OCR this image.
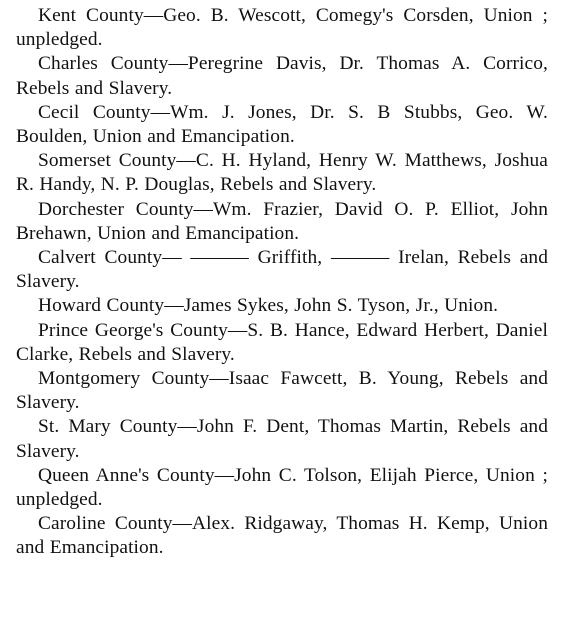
Kent County—Geo. B. Wescott, Comegy's Corsden, Union ; unpledged.

Charles County—Peregrine Davis, Dr. Thomas A. Corrico, Rebels and Slavery.

Cecil County—Wm. J. Jones, Dr. S. B Stubbs, Geo. W. Boulden, Union and Emancipation.

Somerset County—C. H. Hyland, Henry W. Matthews, Joshua R. Handy, N. P. Douglas, Rebels and Slavery.

Dorchester County—Wm. Frazier, David O. P. Elliot, John Brehawn, Union and Emancipation.

Calvert County— ——— Griffith, ——— Irelan, Rebels and Slavery.

Howard County—James Sykes, John S. Tyson, Jr., Union.

Prince George's County—S. B. Hance, Edward Herbert, Daniel Clarke, Rebels and Slavery.

Montgomery County—Isaac Fawcett, B. Young, Rebels and Slavery.

St. Mary County—John F. Dent, Thomas Martin, Rebels and Slavery.

Queen Anne's County—John C. Tolson, Elijah Pierce, Union ; unpledged.

Caroline County—Alex. Ridgaway, Thomas H. Kemp, Union and Emancipation.
